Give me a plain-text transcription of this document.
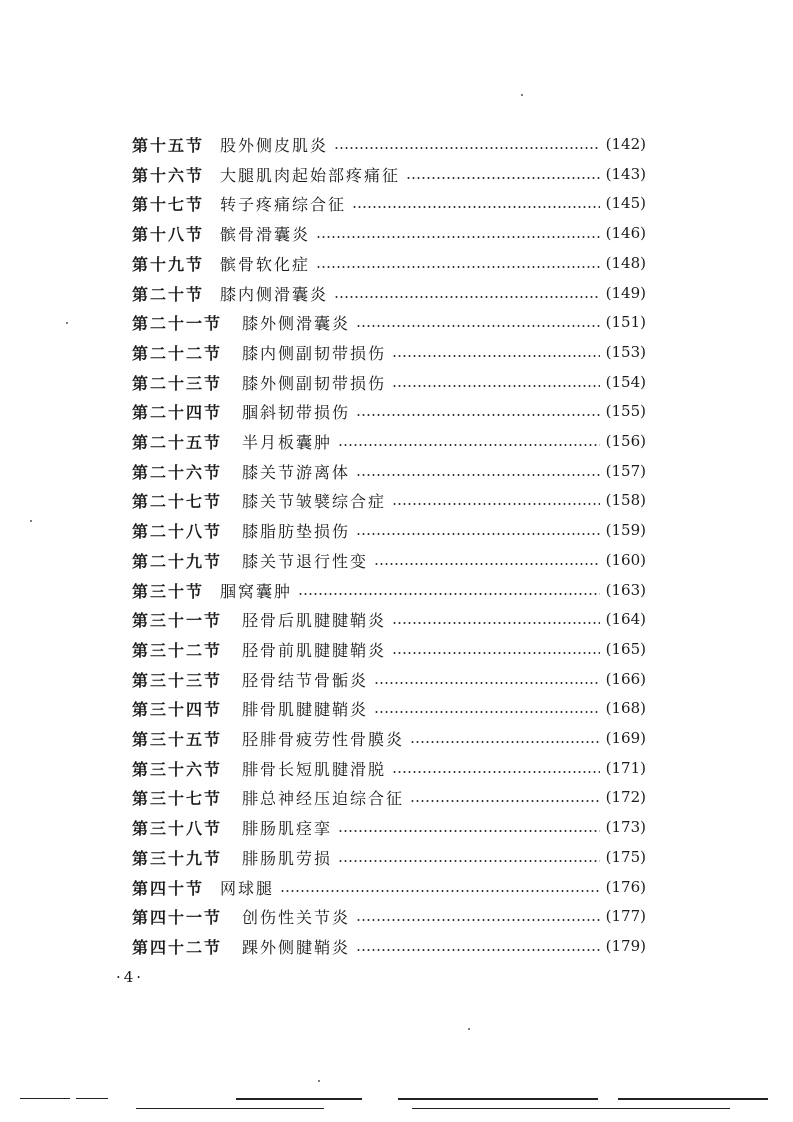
第十五节 股外侧皮肌炎	(142)
第十六节 大腿肌肉起始部疼痛征	(143)
第十七节 转子疼痛综合征	(145)
第十八节 髌骨滑囊炎	(146)
第十九节 髌骨软化症	(148)
第二十节 膝内侧滑囊炎	(149)
第二十一节 膝外侧滑囊炎	(151)
第二十二节 膝内侧副韧带损伤	(153)
第二十三节 膝外侧副韧带损伤	(154)
第二十四节 腘斜韧带损伤	(155)
第二十五节 半月板囊肿	(156)
第二十六节 膝关节游离体	(157)
第二十七节 膝关节皱襞综合症	(158)
第二十八节 膝脂肪垫损伤	(159)
第二十九节 膝关节退行性变	(160)
第三十节 腘窝囊肿	(163)
第三十一节 胫骨后肌腱腱鞘炎	(164)
第三十二节 胫骨前肌腱腱鞘炎	(165)
第三十三节 胫骨结节骨骺炎	(166)
第三十四节 腓骨肌腱腱鞘炎	(168)
第三十五节 胫腓骨疲劳性骨膜炎	(169)
第三十六节 腓骨长短肌腱滑脱	(171)
第三十七节 腓总神经压迫综合征	(172)
第三十八节 腓肠肌痉挛	(173)
第三十九节 腓肠肌劳损	(175)
第四十节 网球腿	(176)
第四十一节 创伤性关节炎	(177)
第四十二节 踝外侧腱鞘炎	(179)
·4·
